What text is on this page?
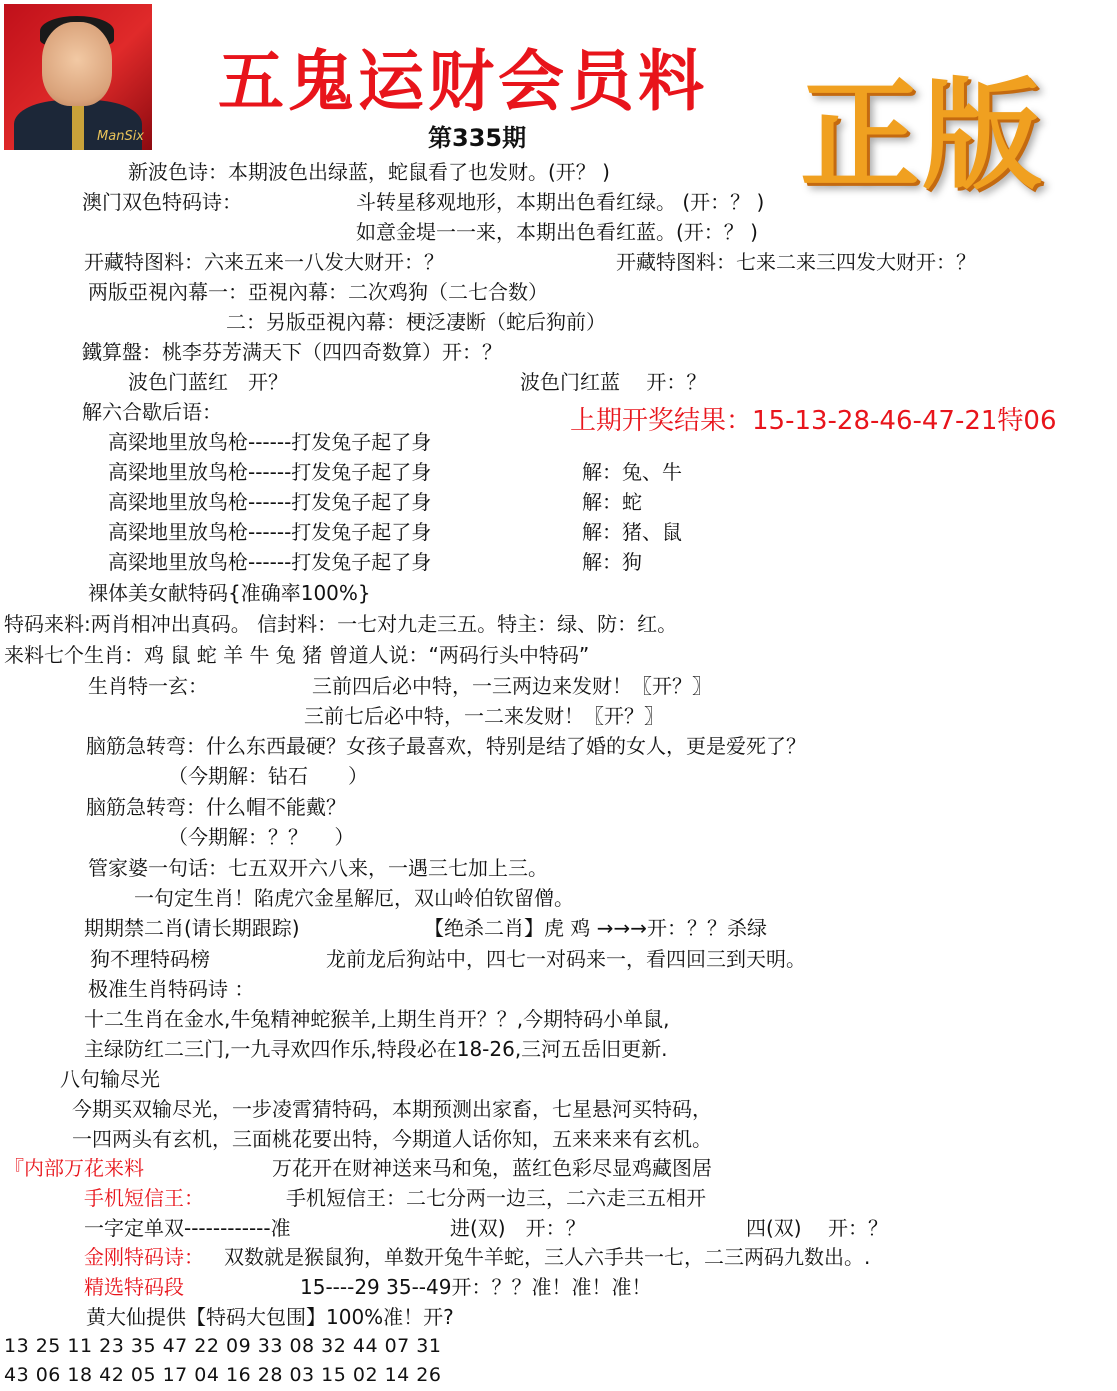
ManSix
五鬼运财会员料
第335期 正版
新波色诗：本期波色出绿蓝，蛇鼠看了也发财。(开？ )
澳门双色特码诗：	斗转星移观地形，本期出色看红绿。 (开：？ )
如意金堤一一来，本期出色看红蓝。(开：？ )
开藏特图料：六来五来一八发大财开：？	开藏特图料：七来二来三四发大财开：？
两版亞視內幕一：亞視內幕：二次鸡狗（二七合数）
二：另版亞視內幕：梗泛凄断（蛇后狗前）
鐵算盤：桃李芬芳满天下（四四奇数算）开：？
波色门蓝红　开？	波色门红蓝　 开：？
解六合歇后语：	上期开奖结果：15-13-28-46-47-21特06
高梁地里放鸟枪------打发兔子起了身
高梁地里放鸟枪------打发兔子起了身	解：兔、牛
高梁地里放鸟枪------打发兔子起了身	解：蛇
高梁地里放鸟枪------打发兔子起了身	解：猪、鼠
高梁地里放鸟枪------打发兔子起了身	解：狗
裸体美女献特码{准确率100%}
特码来料:两肖相冲出真码。 信封料：一七对九走三五。特主：绿、防：红。
来料七个生肖：鸡 鼠 蛇 羊 牛 兔 猪 曾道人说：“两码行头中特码”
生肖特一玄：	三前四后必中特，一三两边来发财！〖开？〗
三前七后必中特，一二来发财！〖开？〗
脑筋急转弯：什么东西最硬？女孩子最喜欢，特别是结了婚的女人，更是爱死了？
（今期解：钻石　　）
脑筋急转弯：什么帽不能戴？
（今期解：？？　 ）
管家婆一句话：七五双开六八来，一遇三七加上三。
一句定生肖！陷虎穴金星解厄，双山岭伯钦留僧。
期期禁二肖(请长期跟踪)	【绝杀二肖】虎 鸡 →→→开：？？杀绿
狗不理特码榜	龙前龙后狗站中，四七一对码来一，看四回三到天明。
极准生肖特码诗 ：
十二生肖在金水,牛兔精神蛇猴羊,上期生肖开？？,今期特码小单鼠,
主绿防红二三门,一九寻欢四作乐,特段必在18-26,三河五岳旧更新.
八句输尽光
今期买双输尽光，一步凌霄猜特码，本期预测出家畜，七星悬河买特码，
一四两头有玄机，三面桃花要出特，今期道人话你知，五来来来有玄机。
『内部万花来料	万花开在财神送来马和兔，蓝红色彩尽显鸡藏图居
手机短信王：	手机短信王：二七分两一边三，二六走三五相开
一字定单双------------准	进(双)　开：？	四(双)　 开：？
金刚特码诗： 双数就是猴鼠狗，单数开兔牛羊蛇，三人六手共一七，二三两码九数出。.
精选特码段	15----29 35--49开：？？准！准！准！
黄大仙提供【特码大包围】100%准！开?
13 25 11 23 35 47 22 09 33 08 32 44 07 31
43 06 18 42 05 17 04 16 28 03 15 02 14 26
